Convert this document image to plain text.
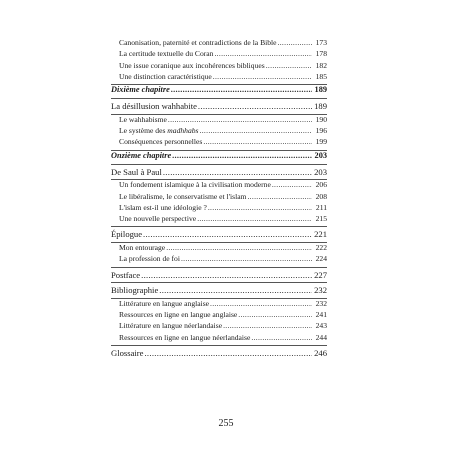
Canonisation, paternité et contradictions de la Bible .....	173
La certitude textuelle du Coran .....	178
Une issue coranique aux incohérences bibliques .....	182
Une distinction caractéristique .....	185
Dixième chapitre .....	189
La désillusion wahhabite .....	189
Le wahhabisme .....	190
Le système des madhhabs .....	196
Conséquences personnelles .....	199
Onzième chapitre .....	203
De Saul à Paul .....	203
Un fondement islamique à la civilisation moderne .....	206
Le libéralisme, le conservatisme et l'islam .....	208
L'islam est-il une idéologie ? .....	211
Une nouvelle perspective .....	215
Épilogue .....	221
Mon entourage .....	222
La profession de foi .....	224
Postface .....	227
Bibliographie .....	232
Littérature en langue anglaise .....	232
Ressources en ligne en langue anglaise .....	241
Littérature en langue néerlandaise .....	243
Ressources en ligne en langue néerlandaise .....	244
Glossaire .....	246
255
